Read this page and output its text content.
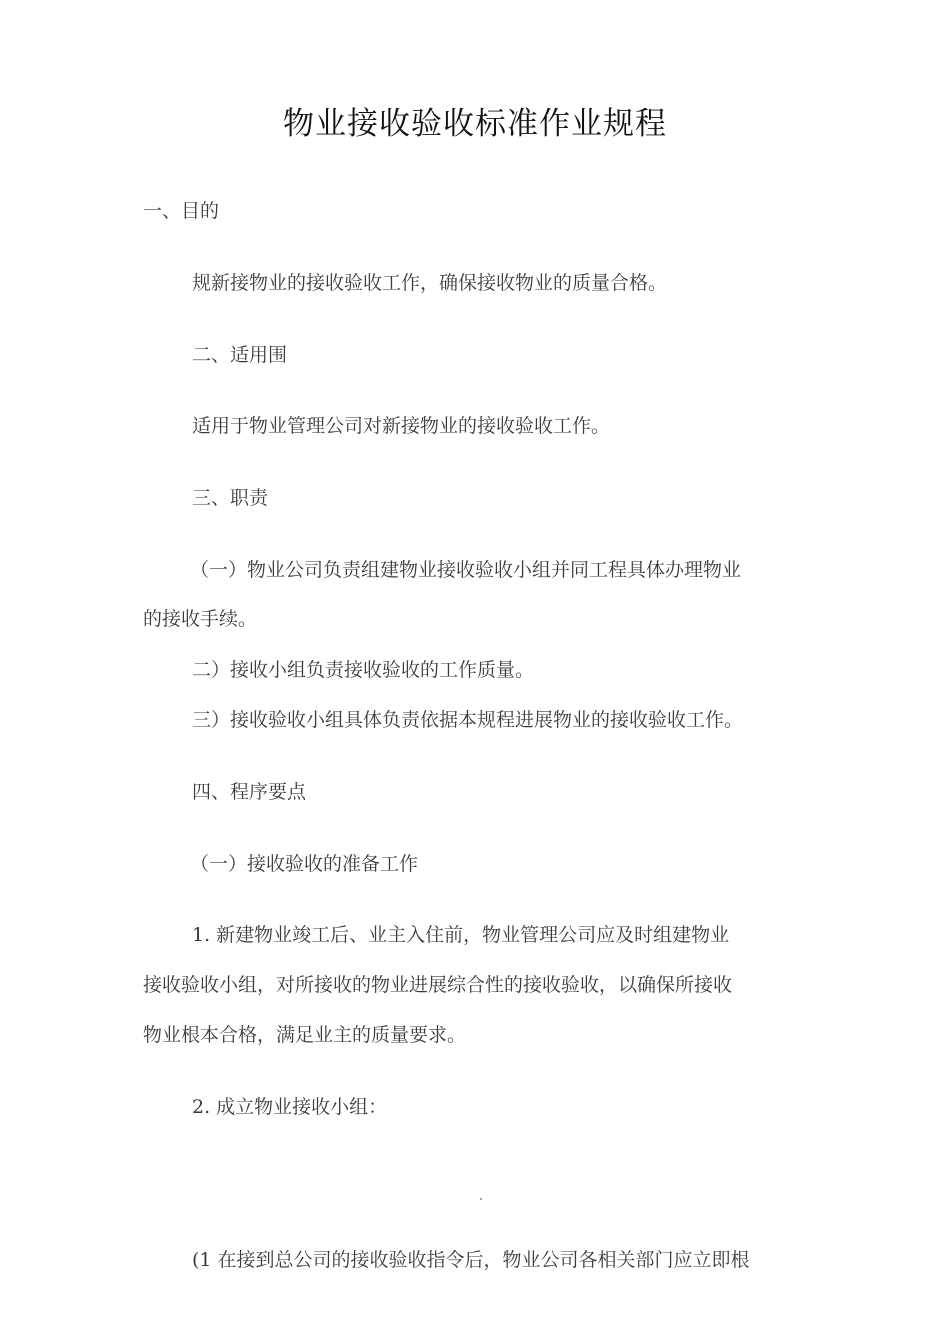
物业接收验收标准作业规程
一、目的
规新接物业的接收验收工作，确保接收物业的质量合格。
二、适用围
适用于物业管理公司对新接物业的接收验收工作。
三、职责
（一）物业公司负责组建物业接收验收小组并同工程具体办理物业
的接收手续。
二）接收小组负责接收验收的工作质量。
三）接收验收小组具体负责依据本规程进展物业的接收验收工作。
四、程序要点
（一）接收验收的准备工作
1. 新建物业竣工后、业主入住前，物业管理公司应及时组建物业
接收验收小组，对所接收的物业进展综合性的接收验收，以确保所接收
物业根本合格，满足业主的质量要求。
2. 成立物业接收小组：
(1 在接到总公司的接收验收指令后，物业公司各相关部门应立即根
